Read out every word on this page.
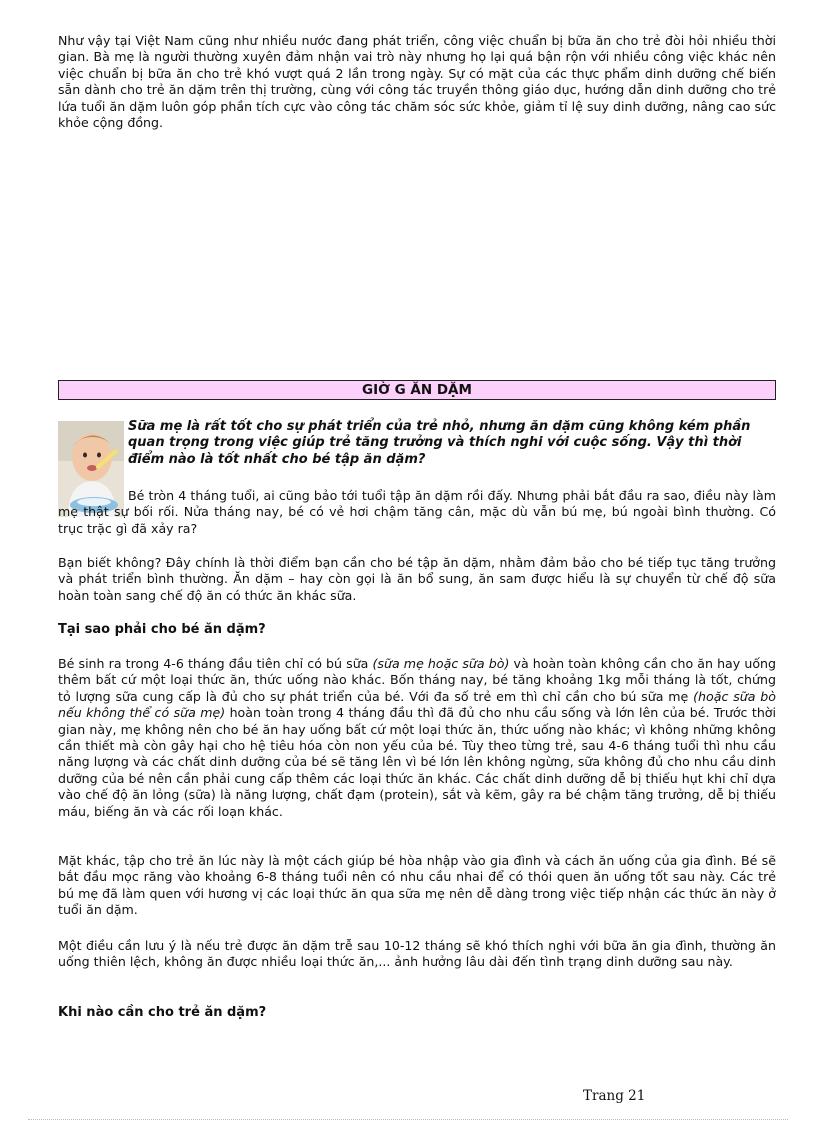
Như vậy tại Việt Nam cũng như nhiều nước đang phát triển, công việc chuẩn bị bữa ăn cho trẻ đòi hỏi nhiều thời gian. Bà mẹ là người thường xuyên đảm nhận vai trò này nhưng họ lại quá bận rộn với nhiều công việc khác nên việc chuẩn bị bữa ăn cho trẻ khó vượt quá 2 lần trong ngày. Sự có mặt của các thực phẩm dinh dưỡng chế biến sẵn dành cho trẻ ăn dặm trên thị trường, cùng với công tác truyền thông giáo dục, hướng dẫn dinh dưỡng cho trẻ lứa tuổi ăn dặm luôn góp phần tích cực vào công tác chăm sóc sức khỏe, giảm tỉ lệ suy dinh dưỡng, nâng cao sức khỏe cộng đồng.

GIỜ G ĂN DẶM

Sữa mẹ là rất tốt cho sự phát triển của trẻ nhỏ, nhưng ăn dặm cũng không kém phần quan trọng trong việc giúp trẻ tăng trưởng và thích nghi với cuộc sống. Vậy thì thời điểm nào là tốt nhất cho bé tập ăn dặm?

Bé tròn 4 tháng tuổi, ai cũng bảo tới tuổi tập ăn dặm rồi đấy. Nhưng phải bắt đầu ra sao, điều này làm mẹ thật sự bối rối. Nửa tháng nay, bé có vẻ hơi chậm tăng cân, mặc dù vẫn bú mẹ, bú ngoài bình thường. Có trục trặc gì đã xảy ra?

Bạn biết không? Đây chính là thời điểm bạn cần cho bé tập ăn dặm, nhằm đảm bảo cho bé tiếp tục tăng trưởng và phát triển bình thường. Ăn dặm – hay còn gọi là ăn bổ sung, ăn sam được hiểu là sự chuyển từ chế độ sữa hoàn toàn sang chế độ ăn có thức ăn khác sữa.

Tại sao phải cho bé ăn dặm?

Bé sinh ra trong 4-6 tháng đầu tiên chỉ có bú sữa (sữa mẹ hoặc sữa bò) và hoàn toàn không cần cho ăn hay uống thêm bất cứ một loại thức ăn, thức uống nào khác. Bốn tháng nay, bé tăng khoảng 1kg mỗi tháng là tốt, chứng tỏ lượng sữa cung cấp là đủ cho sự phát triển của bé. Với đa số trẻ em thì chỉ cần cho bú sữa mẹ (hoặc sữa bò nếu không thể có sữa mẹ) hoàn toàn trong 4 tháng đầu thì đã đủ cho nhu cầu sống và lớn lên của bé. Trước thời gian này, mẹ không nên cho bé ăn hay uống bất cứ một loại thức ăn, thức uống nào khác; vì không những không cần thiết mà còn gây hại cho hệ tiêu hóa còn non yếu của bé. Tùy theo từng trẻ, sau 4-6 tháng tuổi thì nhu cầu năng lượng và các chất dinh dưỡng của bé sẽ tăng lên vì bé lớn lên không ngừng, sữa không đủ cho nhu cầu dinh dưỡng của bé nên cần phải cung cấp thêm các loại thức ăn khác. Các chất dinh dưỡng dễ bị thiếu hụt khi chỉ dựa vào chế độ ăn lỏng (sữa) là năng lượng, chất đạm (protein), sắt và kẽm, gây ra bé chậm tăng trưởng, dễ bị thiếu máu, biếng ăn và các rối loạn khác.

Mặt khác, tập cho trẻ ăn lúc này là một cách giúp bé hòa nhập vào gia đình và cách ăn uống của gia đình. Bé sẽ bắt đầu mọc răng vào khoảng 6-8 tháng tuổi nên có nhu cầu nhai để có thói quen ăn uống tốt sau này. Các trẻ bú mẹ đã làm quen với hương vị các loại thức ăn qua sữa mẹ nên dễ dàng trong việc tiếp nhận các thức ăn này ở tuổi ăn dặm.

Một điều cần lưu ý là nếu trẻ được ăn dặm trễ sau 10-12 tháng sẽ khó thích nghi với bữa ăn gia đình, thường ăn uống thiên lệch, không ăn được nhiều loại thức ăn,... ảnh hưởng lâu dài đến tình trạng dinh dưỡng sau này.

Khi nào cần cho trẻ ăn dặm?

Trang 21
